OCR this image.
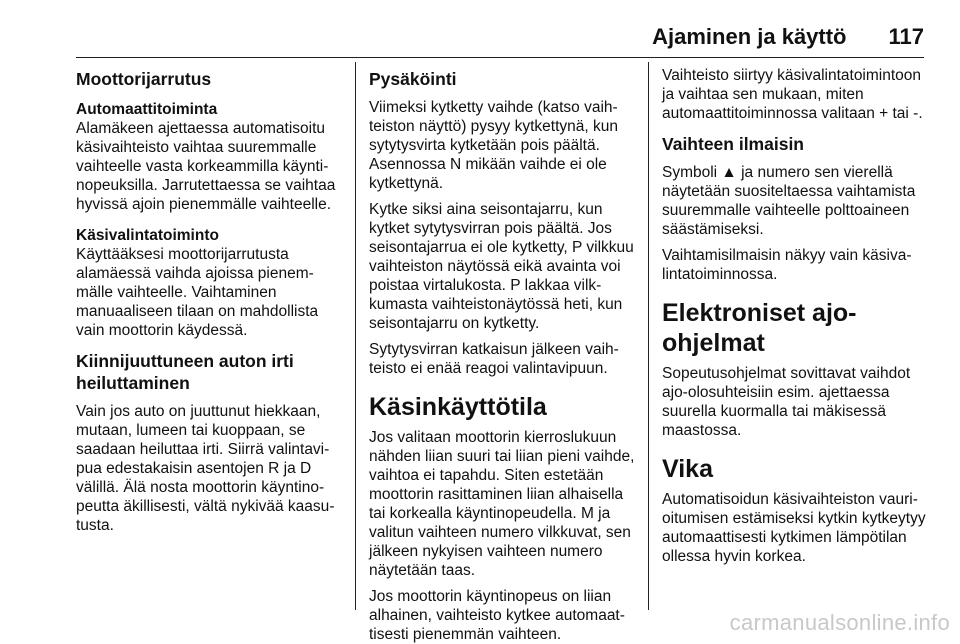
Ajaminen ja käyttö 117
Moottorijarrutus
Automaattitoiminta

Alamäkeen ajettaessa automatisoitu käsivaihteisto vaihtaa suuremmalle vaihteelle vasta korkeammilla käyntinopeuksilla. Jarrutettaessa se vaihtaa hyvissä ajoin pienemmälle vaihteelle.

Käsivalintatoiminto

Käyttääksesi moottorijarrutusta alamäessä vaihda ajoissa pienemmälle vaihteelle. Vaihtaminen manuaaliseen tilaan on mahdollista vain moottorin käydessä.

Kiinnijuuttuneen auton irti heiluttaminen

Vain jos auto on juuttunut hiekkaan, mutaan, lumeen tai kuoppaan, se saadaan heiluttaa irti. Siirrä valintavipua edestakaisin asentojen R ja D välillä. Älä nosta moottorin käyntinopeutta äkillisesti, vältä nykivää kaasutusta.

Pysäköinti

Viimeksi kytketty vaihde (katso vaihteiston näyttö) pysyy kytkettynä, kun sytytysvirta kytketään pois päältä. Asennossa N mikään vaihde ei ole kytkettynä.

Kytke siksi aina seisontajarru, kun kytket sytytysvirran pois päältä. Jos seisontajarrua ei ole kytketty, P vilkkuu vaihteiston näytössä eikä avainta voi poistaa virtalukosta. P lakkaa vilkkumasta vaihteistonäytössä heti, kun seisontajarru on kytketty.

Sytytysvirran katkaisun jälkeen vaihteisto ei enää reagoi valintavipuun.

Käsinkäyttötila

Jos valitaan moottorin kierroslukuun nähden liian suuri tai liian pieni vaihde, vaihtoa ei tapahdu. Siten estetään moottorin rasittaminen liian alhaisella tai korkealla käyntinopeudella. M ja valitun vaihteen numero vilkkuvat, sen jälkeen nykyisen vaihteen numero näytetään taas.

Jos moottorin käyntinopeus on liian alhainen, vaihteisto kytkee automaattisesti pienemmän vaihteen.

Vaihteisto siirtyy käsivalintatoimintoon ja vaihtaa sen mukaan, miten automaattitoiminnossa valitaan + tai -.

Vaihteen ilmaisin

Symboli ▲ ja numero sen vierellä näytetään suositeltaessa vaihtamista suuremmalle vaihteelle polttoaineen säästämiseksi.

Vaihtamisilmaisin näkyy vain käsivalintatoiminnossa.

Elektroniset ajo-ohjelmat

Sopeutusohjelmat sovittavat vaihdot ajo-olosuhteisiin esim. ajettaessa suurella kuormalla tai mäkisessä maastossa.

Vika

Automatisoidun käsivaihteiston vaurioitumisen estämiseksi kytkin kytkeytyy automaattisesti kytkimen lämpötilan ollessa hyvin korkea.

carmanualsonline.info
